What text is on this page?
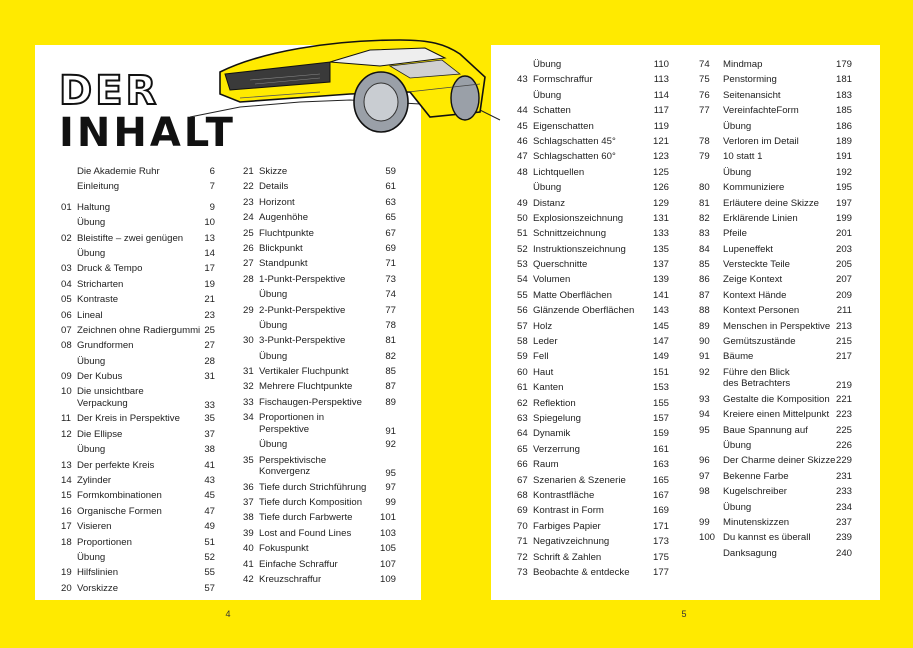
DER
INHALT
4	5
Die Akademie Ruhr	6
Einleitung	7
01 Haltung	9
Übung	10
02 Bleistifte – zwei genügen 13
Übung	14
03 Druck & Tempo	17
04 Stricharten	19
05 Kontraste	21
06 Lineal	23
07 Zeichnen ohne Radiergummi 25
08 Grundformen	27
Übung	28
09 Der Kubus	31
10 Die unsichtbare
Verpackung	33
11 Der Kreis in Perspektive	35
12 Die Ellipse	37
Übung	38
13 Der perfekte Kreis	41
14 Zylinder	43
15 Formkombinationen	45
16 Organische Formen	47
17 Visieren	49
18 Proportionen	51
Übung	52
19 Hilfslinien	55
20 Vorskizze	57
21 Skizze	59
22 Details	61
23 Horizont	63
24 Augenhöhe	65
25 Fluchtpunkte	67
26 Blickpunkt	69
27 Standpunkt	71
28 1-Punkt-Perspektive	73
Übung	74
29 2-Punkt-Perspektive	77
Übung	78
30 3-Punkt-Perspektive	81
Übung	82
31 Vertikaler Fluchpunkt	85
32 Mehrere Fluchtpunkte	87
33 Fischaugen-Perspektive 89
34 Proportionen in
Perspektive	91
Übung	92
35 Perspektivische
Konvergenz	95
36 Tiefe durch Strichführung 97
37 Tiefe durch Komposition 99
38 Tiefe durch Farbwerte	101
39 Lost and Found Lines	103
40 Fokuspunkt	105
41 Einfache Schraffur	107
42 Kreuzschraffur	109
Übung	110
43 Formschraffur	113
Übung	114
44 Schatten	117
45 Eigenschatten	119
46 Schlagschatten 45°	121
47 Schlagschatten 60°	123
48 Lichtquellen	125
Übung	126
49 Distanz	129
50 Explosionszeichnung	131
51 Schnittzeichnung	133
52 Instruktionszeichnung	135
53 Querschnitte	137
54 Volumen	139
55 Matte Oberflächen	141
56 Glänzende Oberflächen 143
57 Holz	145
58 Leder	147
59 Fell	149
60 Haut	151
61 Kanten	153
62 Reflektion	155
63 Spiegelung	157
64 Dynamik	159
65 Verzerrung	161
66 Raum	163
67 Szenarien & Szenerie	165
68 Kontrastfläche	167
69 Kontrast in Form	169
70 Farbiges Papier	171
71 Negativzeichnung	173
72 Schrift & Zahlen	175
73 Beobachte & entdecke 177
74 Mindmap	179
75 Penstorming	181
76 Seitenansicht	183
77 VereinfachteForm	185
Übung	186
78 Verloren im Detail	189
79 10 statt 1	191
Übung	192
80 Kommuniziere	195
81 Erläutere deine Skizze 197
82 Erklärende Linien	199
83 Pfeile	201
84 Lupeneffekt	203
85 Versteckte Teile	205
86 Zeige Kontext	207
87 Kontext Hände	209
88 Kontext Personen	211
89 Menschen in Perspektive 213
90 Gemütszustände	215
91 Bäume	217
92 Führe den Blick
des Betrachters	219
93 Gestalte die Komposition 221
94 Kreiere einen Mittelpunkt 223
95 Baue Spannung auf	225
Übung	226
96 Der Charme deiner Skizze 229
97 Bekenne Farbe	231
98 Kugelschreiber	233
Übung	234
99 Minutenskizzen	237
100 Du kannst es überall	239
Danksagung	240
